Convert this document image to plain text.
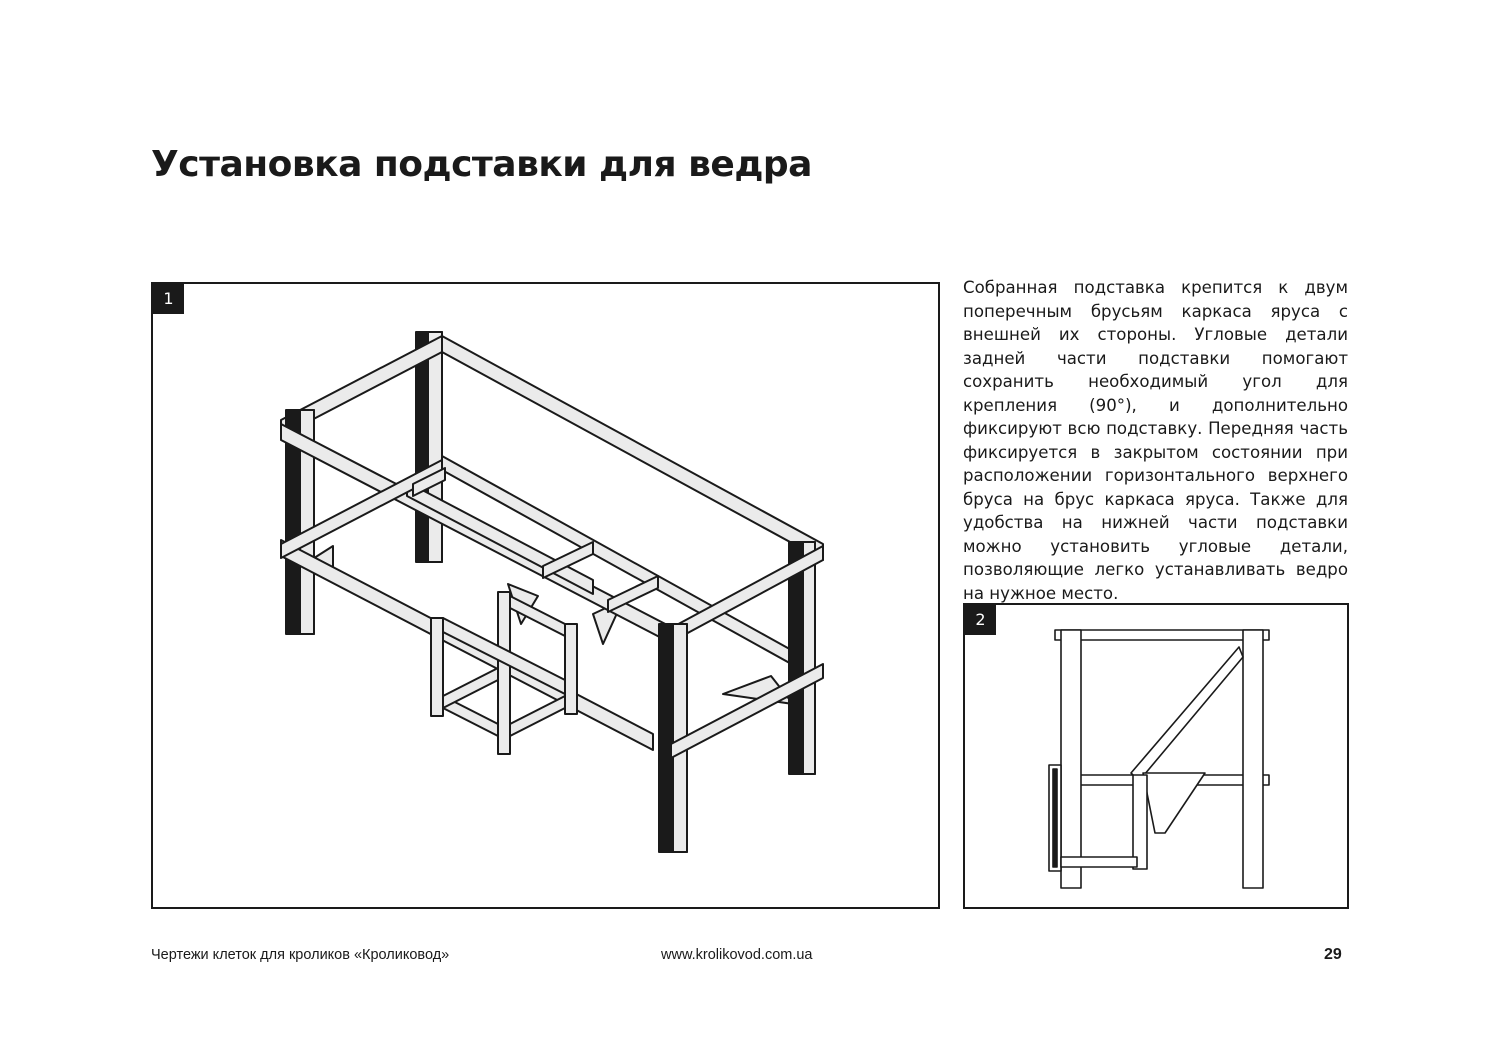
Установка подставки для ведра
1

Собранная подставка крепится к двум поперечным брусьям каркаса яруса с внешней их стороны. Угловые детали задней части подставки помогают сохранить необходимый угол для крепления (90°), и дополнительно фиксируют всю подставку. Передняя часть фиксируется в закрытом состоянии при расположении горизонтального верхнего бруса на брус каркаса яруса. Также для удобства на нижней части подставки можно установить угловые детали, позволяющие легко устанавливать ведро на нужное место.

2
Чертежи клеток для кроликов «Кроликовод»	www.krolikovod.com.ua	29
